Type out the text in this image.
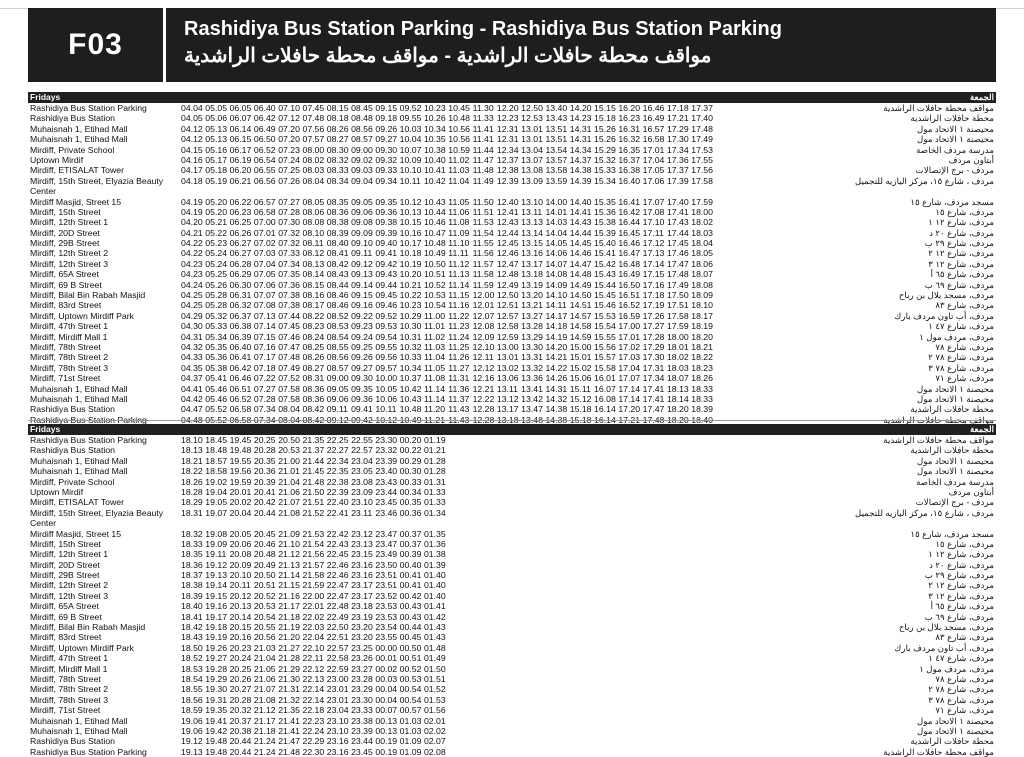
F03	Rashidiya Bus Station Parking - Rashidiya Bus Station Parking
مواقف محطة حافلات الراشدية - مواقف محطة حافلات الراشدية
Fridays	الجمعة
Rashidiya Bus Station Parking	04.04 05.05 06.05 06.40 07.10 07.45 08.15 08.45 09.15 09.52 10.23 10.45 11.30 12.20 12.50 13.40 14.20 15.15 16.20 16.46 17.18 17.37	مواقف محطة حافلات الراشدية
Rashidiya Bus Station	04.05 05.06 06.07 06.42 07.12 07.48 08.18 08.48 09.18 09.55 10.26 10.48 11.33 12.23 12.53 13.43 14.23 15.18 16.23 16.49 17.21 17.40	محطة حافلات الراشدية
Muhaisnah 1, Etihad Mall	04.12 05.13 06.14 06.49 07.20 07.56 08.26 08.56 09.26 10.03 10.34 10.56 11.41 12.31 13.01 13.51 14.31 15.26 16.31 16.57 17.29 17.48	محيصنة ١ الاتحاد مول
Muhaisnah 1, Etihad Mall	04.12 05.13 06.15 06.50 07.20 07.57 08.27 08.57 09.27 10.04 10.35 10.56 11.41 12.31 13.01 13.51 14.31 15.26 16.32 16.58 17.30 17.49	محيصنة ١ الاتحاد مول
Mirdiff, Private School	04.15 05.16 06.17 06.52 07.23 08.00 08.30 09.00 09.30 10.07 10.38 10.59 11.44 12.34 13.04 13.54 14.34 15.29 16.35 17.01 17.34 17.53	مدرسة مردف الخاصة
Uptown Mirdif	04.16 05.17 06.19 06.54 07.24 08.02 08.32 09.02 09.32 10.09 10.40 11.02 11.47 12.37 13.07 13.57 14.37 15.32 16.37 17.04 17.36 17.55	أبتاون مردف
Mirdiff, ETISALAT Tower	04.17 05.18 06.20 06.55 07.25 08.03 08.33 09.03 09.33 10.10 10.41 11.03 11.48 12.38 13.08 13.58 14.38 15.33 16.38 17.05 17.37 17.56	مردف - برج الإتصالات
Mirdiff, 15th Street, Elyazia Beauty Center
04.18 05.19 06.21 06.56 07.26 08.04 08.34 09.04 09.34 10.11 10.42 11.04 11.49 12.39 13.09 13.59 14.39 15.34 16.40 17.06 17.39 17.58	مردف ، شارع ١٥، مركز اليازيه للتجميل
Mirdiff Masjid, Street 15	04.19 05.20 06.22 06.57 07.27 08.05 08.35 09.05 09.35 10.12 10.43 11.05 11.50 12.40 13.10 14.00 14.40 15.35 16.41 17.07 17.40 17.59	مسجد مردف، شارع ١٥
Mirdiff, 15th Street	04.19 05.20 06.23 06.58 07.28 08.06 08.36 09.06 09.36 10.13 10.44 11.06 11.51 12.41 13.11 14.01 14.41 15.36 16.42 17.08 17.41 18.00	مردف، شارع ١٥
Mirdiff, 12th Street 1	04.20 05.21 06.25 07.00 07.30 08.08 08.38 09.08 09.38 10.15 10.46 11.08 11.53 12.43 13.13 14.03 14.43 15.38 16.44 17.10 17.43 18.02	مردف، شارع ١٢ ١
Mirdiff, 20D Street	04.21 05.22 06.26 07.01 07.32 08.10 08.39 09.09 09.39 10.16 10.47 11.09 11.54 12.44 13.14 14.04 14.44 15.39 16.45 17.11 17.44 18.03	مردف، شارع ٢٠ د
Mirdiff, 29B Street	04.22 05.23 06.27 07.02 07.32 08.11 08.40 09.10 09.40 10.17 10.48 11.10 11.55 12.45 13.15 14.05 14.45 15.40 16.46 17.12 17.45 18.04	مردف، شارع ٢٩ ب
Mirdiff, 12th Street 2	04.22 05.24 06.27 07.03 07.33 08.12 08.41 09.11 09.41 10.18 10.49 11.11 11.56 12.46 13.16 14.06 14.46 15.41 16.47 17.13 17.46 18.05	مردف، شارع ١٢ ٢
Mirdiff, 12th Street 3	04.23 05.24 06.28 07.04 07.34 08.13 08.42 09.12 09.42 10.19 10.50 11.12 11.57 12.47 13.17 14.07 14.47 15.42 16.48 17.14 17.47 18.06	مردف، شارع ١٢ ٣
Mirdiff, 65A Street	04.23 05.25 06.29 07.05 07.35 08.14 08.43 09.13 09.43 10.20 10.51 11.13 11.58 12.48 13.18 14.08 14.48 15.43 16.49 17.15 17.48 18.07	مردف، شارع ٦٥ أ
Mirdiff, 69 B Street	04.24 05.26 06.30 07.06 07.36 08.15 08.44 09.14 09.44 10.21 10.52 11.14 11.59 12.49 13.19 14.09 14.49 15.44 16.50 17.16 17.49 18.08	مردف، شارع ٦٩ ب
Mirdiff, Bilal Bin Rabah Masjid	04.25 05.28 06.31 07.07 07.38 08.16 08.46 09.15 09.45 10.22 10.53 11.15 12.00 12.50 13.20 14.10 14.50 15.45 16.51 17.18 17.50 18.09	مردف، مسجد بلال بن رباح
Mirdiff, 83rd Street	04.25 05.28 06.32 07.08 07.38 08.17 08.46 09.16 09.46 10.23 10.54 11.16 12.01 12.51 13.21 14.11 14.51 15.46 16.52 17.19 17.51 18.10	مردف، شارع ٨٣
Mirdiff, Uptown Mirdiff Park	04.29 05.32 06.37 07.13 07.44 08.22 08.52 09.22 09.52 10.29 11.00 11.22 12.07 12.57 13.27 14.17 14.57 15.53 16.59 17.26 17.58 18.17	مردف، أب تاون مردف بارك
Mirdiff, 47th Street 1	04.30 05.33 06.38 07.14 07.45 08.23 08.53 09.23 09.53 10.30 11.01 11.23 12.08 12.58 13.28 14.18 14.58 15.54 17.00 17.27 17.59 18.19	مردف، شارع ٤٧ ١
Mirdiff, Mirdiff Mall 1	04.31 05.34 06.39 07.15 07.46 08.24 08.54 09.24 09.54 10.31 11.02 11.24 12.09 12.59 13.29 14.19 14.59 15.55 17.01 17.28 18.00 18.20	مردف، مردف مول ١
Mirdiff, 78th Street	04.32 05.35 06.40 07.16 07.47 08.25 08.55 09.25 09.55 10.32 11.03 11.25 12.10 13.00 13.30 14.20 15.00 15.56 17.02 17.29 18.01 18.21	مردف، شارع ٧٨
Mirdiff, 78th Street 2	04.33 05.36 06.41 07.17 07.48 08.26 08.56 09.26 09.56 10.33 11.04 11.26 12.11 13.01 13.31 14.21 15.01 15.57 17.03 17.30 18.02 18.22	مردف، شارع ٧٨ ٢
Mirdiff, 78th Street 3	04.35 05.38 06.42 07.18 07.49 08.27 08.57 09.27 09.57 10.34 11.05 11.27 12.12 13.02 13.32 14.22 15.02 15.58 17.04 17.31 18.03 18.23	مردف، شارع ٧٨ ٣
Mirdiff, 71st Street	04.37 05.41 06.46 07.22 07.52 08.31 09.00 09.30 10.00 10.37 11.08 11.31 12.16 13.06 13.36 14.26 15.06 16.01 17.07 17.34 18.07 18.26	مردف، شارع ٧١
Muhaisnah 1, Etihad Mall	04.41 05.46 06.51 07.27 07.58 08.36 09.05 09.35 10.05 10.42 11.14 11.36 12.21 13.11 13.41 14.31 15.11 16.07 17.14 17.41 18.13 18.33	محيصنة ١ الاتحاد مول
Muhaisnah 1, Etihad Mall	04.42 05.46 06.52 07.28 07.58 08.36 09.06 09.36 10.06 10.43 11.14 11.37 12.22 13.12 13.42 14.32 15.12 16.08 17.14 17.41 18.14 18.33	محيصنة ١ الاتحاد مول
Rashidiya Bus Station	04.47 05.52 06.58 07.34 08.04 08.42 09.11 09.41 10.11 10.48 11.20 11.43 12.28 13.17 13.47 14.38 15.18 16.14 17.20 17.47 18.20 18.39	محطة حافلات الراشدية
Fridays	الجمعة
Rashidiya Bus Station Parking	18.10 18.45 19.45 20.25 20.50 21.35 22.25 22.55 23.30 00.20 01.19	مواقف محطة حافلات الراشدية
Rashidiya Bus Station	18.13 18.48 19.48 20.28 20.53 21.37 22.27 22.57 23.32 00.22 01.21	محطة حافلات الراشدية
Muhaisnah 1, Etihad Mall	18.21 18.57 19.55 20.35 21.00 21.44 22.34 23.04 23.39 00.29 01.28	محيصنة ١ الاتحاد مول
Muhaisnah 1, Etihad Mall	18.22 18.58 19.56 20.36 21.01 21.45 22.35 23.05 23.40 00.30 01.28	محيصنة ١ الاتحاد مول
Mirdiff, Private School	18.26 19.02 19.59 20.39 21.04 21.48 22.38 23.08 23.43 00.33 01.31	مدرسة مردف الخاصة
Uptown Mirdif	18.28 19.04 20.01 20.41 21.06 21.50 22.39 23.09 23.44 00.34 01.33	أبتاون مردف
Mirdiff, ETISALAT Tower	18.29 19.05 20.02 20.42 21.07 21.51 22.40 23.10 23.45 00.35 01.33	مردف - برج الإتصالات
Mirdiff, 15th Street, Elyazia Beauty Center
18.31 19.07 20.04 20.44 21.08 21.52 22.41 23.11 23.46 00.36 01.34	مردف ، شارع ١٥، مركز اليازيه للتجميل
Mirdiff Masjid, Street 15	18.32 19.08 20.05 20.45 21.09 21.53 22.42 23.12 23.47 00.37 01.35	مسجد مردف، شارع ١٥
Mirdiff, 15th Street	18.33 19.09 20.06 20.46 21.10 21.54 22.43 23.13 23.47 00.37 01.36	مردف، شارع ١٥
Mirdiff, 12th Street 1	18.35 19.11 20.08 20.48 21.12 21.56 22.45 23.15 23.49 00.39 01.38	مردف، شارع ١٢ ١
Mirdiff, 20D Street	18.36 19.12 20.09 20.49 21.13 21.57 22.46 23.16 23.50 00.40 01.39	مردف، شارع ٢٠ د
Mirdiff, 29B Street	18.37 19.13 20.10 20.50 21.14 21.58 22.46 23.16 23.51 00.41 01.40	مردف، شارع ٢٩ ب
Mirdiff, 12th Street 2	18.38 19.14 20.11 20.51 21.15 21.59 22.47 23.17 23.51 00.41 01.40	مردف، شارع ١٢ ٢
Mirdiff, 12th Street 3	18.39 19.15 20.12 20.52 21.16 22.00 22.47 23.17 23.52 00.42 01.40	مردف، شارع ١٢ ٣
Mirdiff, 65A Street	18.40 19.16 20.13 20.53 21.17 22.01 22.48 23.18 23.53 00.43 01.41	مردف، شارع ٦٥ أ
Mirdiff, 69 B Street	18.41 19.17 20.14 20.54 21.18 22.02 22.49 23.19 23.53 00.43 01.42	مردف، شارع ٦٩ ب
Mirdiff, Bilal Bin Rabah Masjid	18.42 19.18 20.15 20.55 21.19 22.03 22.50 23.20 23.54 00.44 01.43	مردف، مسجد بلال بن رباح
Mirdiff, 83rd Street	18.43 19.19 20.16 20.56 21.20 22.04 22.51 23.20 23.55 00.45 01.43	مردف، شارع ٨٣
Mirdiff, Uptown Mirdiff Park	18.50 19.26 20.23 21.03 21.27 22.10 22.57 23.25 00.00 00.50 01.48	مردف، أب تاون مردف بارك
Mirdiff, 47th Street 1	18.52 19.27 20.24 21.04 21.28 22.11 22.58 23.26 00.01 00.51 01.49	مردف، شارع ٤٧ ١
Mirdiff, Mirdiff Mall 1	18.53 19.28 20.25 21.05 21.29 22.12 22.59 23.27 00.02 00.52 01.50	مردف، مردف مول ١
Mirdiff, 78th Street	18.54 19.29 20.26 21.06 21.30 22.13 23.00 23.28 00.03 00.53 01.51	مردف، شارع ٧٨
Mirdiff, 78th Street 2	18.55 19.30 20.27 21.07 21.31 22.14 23.01 23.29 00.04 00.54 01.52	مردف، شارع ٧٨ ٢
Mirdiff, 78th Street 3	18.56 19.31 20.28 21.08 21.32 22.14 23.01 23.30 00.04 00.54 01.53	مردف، شارع ٧٨ ٣
Mirdiff, 71st Street	18.59 19.35 20.32 21.12 21.35 22.18 23.04 23.33 00.07 00.57 01.56	مردف، شارع ٧١
Muhaisnah 1, Etihad Mall	19.06 19.41 20.37 21.17 21.41 22.23 23.10 23.38 00.13 01.03 02.01	محيصنة ١ الاتحاد مول
Muhaisnah 1, Etihad Mall	19.06 19.42 20.38 21.18 21.41 22.24 23.10 23.39 00.13 01.03 02.02	محيصنة ١ الاتحاد مول
Rashidiya Bus Station	19.12 19.48 20.44 21.24 21.47 22.29 23.16 23.44 00.19 01.09 02.07	محطة حافلات الراشدية
Rashidiya Bus Station Parking	19.13 19.48 20.44 21.24 21.48 22.30 23.16 23.45 00.19 01.09 02.08	مواقف محطة حافلات الراشدية
